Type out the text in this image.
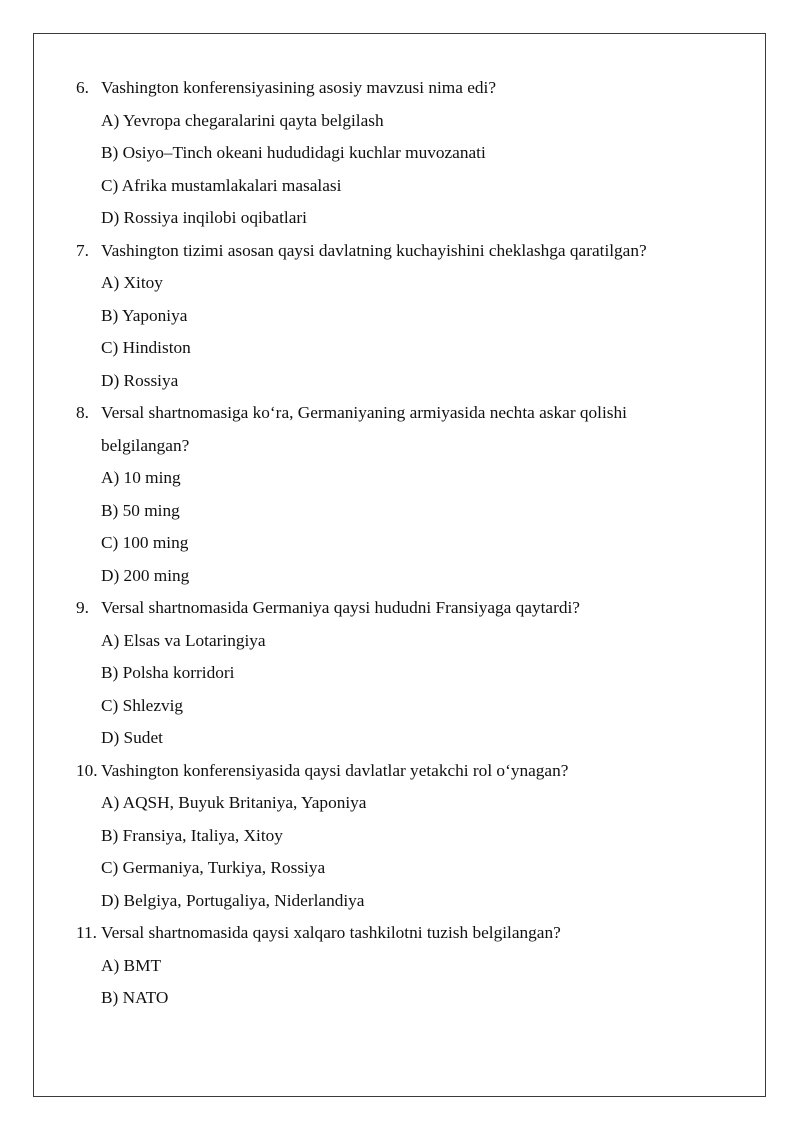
6. Vashington konferensiyasining asosiy mavzusi nima edi?
A) Yevropa chegaralarini qayta belgilash
B) Osiyo–Tinch okeani hududidagi kuchlar muvozanati
C) Afrika mustamlakalari masalasi
D) Rossiya inqilobi oqibatlari
7. Vashington tizimi asosan qaysi davlatning kuchayishini cheklashga qaratilgan?
A) Xitoy
B) Yaponiya
C) Hindiston
D) Rossiya
8. Versal shartnomasiga ko‘ra, Germaniyaning armiyasida nechta askar qolishi
belgilangan?
A) 10 ming
B) 50 ming
C) 100 ming
D) 200 ming
9. Versal shartnomasida Germaniya qaysi hududni Fransiyaga qaytardi?
A) Elsas va Lotaringiya
B) Polsha korridori
C) Shlezvig
D) Sudet
10. Vashington konferensiyasida qaysi davlatlar yetakchi rol o‘ynagan?
A) AQSH, Buyuk Britaniya, Yaponiya
B) Fransiya, Italiya, Xitoy
C) Germaniya, Turkiya, Rossiya
D) Belgiya, Portugaliya, Niderlandiya
11. Versal shartnomasida qaysi xalqaro tashkilotni tuzish belgilangan?
A) BMT
B) NATO
